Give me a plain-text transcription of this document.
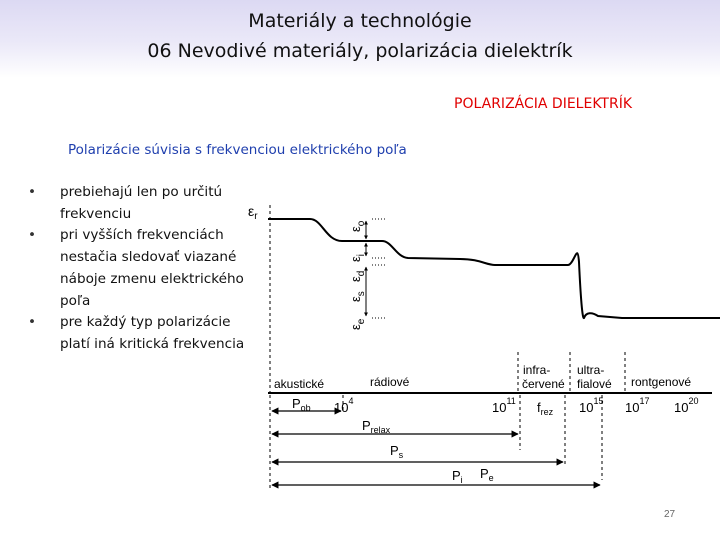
Materiály a technológie
06 Nevodivé materiály, polarizácia dielektrík
POLARIZÁCIA DIELEKTRÍK
Polarizácie súvisia s frekvenciou elektrického poľa
• prebiehajú len po určitú frekvenciu
• pri vyšších frekvenciách nestačia sledovať viazané náboje zmenu elektrického poľa
• pre každý typ polarizácie platí iná kritická frekvencia
$\varepsilon_r$
$\varepsilon_o$
$\varepsilon_i$
$\varepsilon_d$
$\varepsilon_s$
$\varepsilon_e$
akustické	rádiové
infra-
červené
ultra-
fialové rontgenové
$P_{ob}$
$P_{relax}$
$P_s$
$P_i$ $P_e$
$10^4$	$10^{11}$ $f_{rez}$ $10^{15}$ $10^{17}$ $10^{20}$
27
